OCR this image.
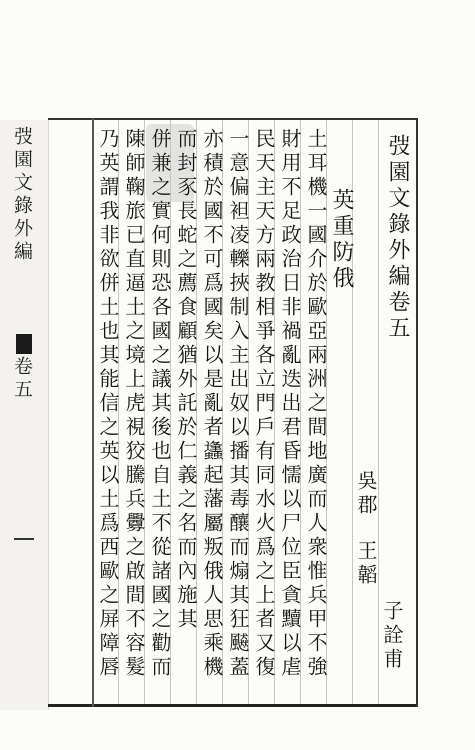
弢園文錄外編
卷五
弢園文錄外編卷五
英重防俄
吳郡
王韜
子詮甫
土耳機一國介於歐亞兩洲之間地廣而人衆惟兵甲不強
財用不足政治日非禍亂迭出君昏懦以尸位臣貪黷以虐
民天主天方兩教相爭各立門戶有同水火爲之上者又復
一意偏袒凌轢挾制入主出奴以播其毒釀而煽其狂飇蓋
亦積於國不可爲國矣以是亂者蠭起藩屬叛俄人思乘機
而封豕長蛇之薦食顧猶外託於仁義之名而內施其
併兼之實何則恐各國之議其後也自土不從諸國之勸而
陳師鞠旅已直逼土之境上虎視狡騰兵釁之啟間不容髮
乃英謂我非欲併土也其能信之英以土爲西歐之屏障唇
